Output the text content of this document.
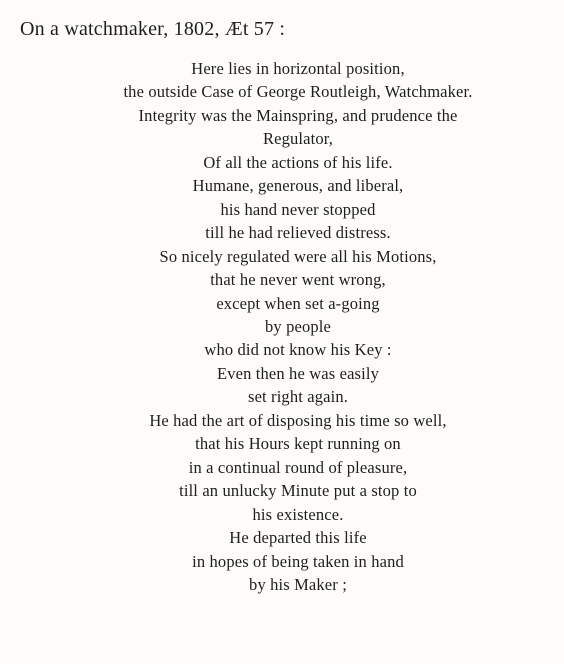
On a watchmaker, 1802, Æt 57 :
Here lies in horizontal position,
the outside Case of George Routleigh, Watchmaker.
Integrity was the Mainspring, and prudence the
Regulator,
Of all the actions of his life.
Humane, generous, and liberal,
his hand never stopped
till he had relieved distress.
So nicely regulated were all his Motions,
that he never went wrong,
except when set a-going
by people
who did not know his Key :
Even then he was easily
set right again.
He had the art of disposing his time so well,
that his Hours kept running on
in a continual round of pleasure,
till an unlucky Minute put a stop to
his existence.
He departed this life
in hopes of being taken in hand
by his Maker ;
